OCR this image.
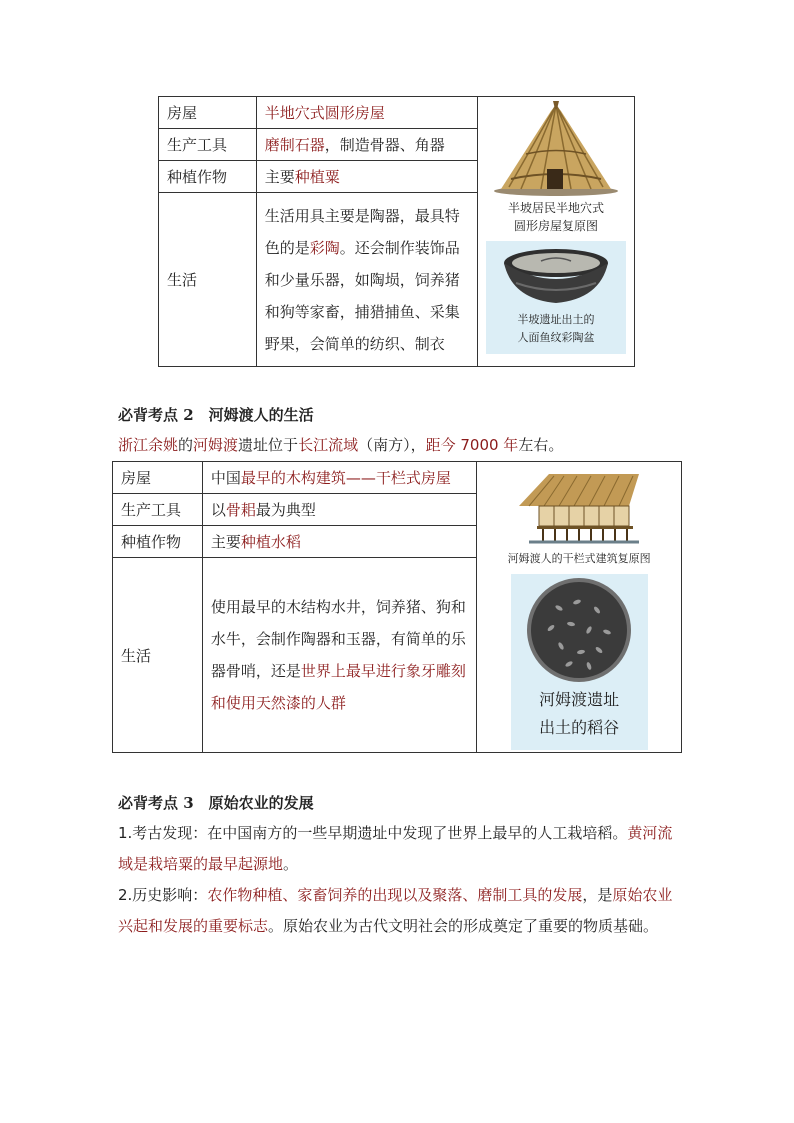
房屋	半地穴式圆形房屋	半坡居民半地穴式
圆形房屋复原图
半坡遗址出土的
人面鱼纹彩陶盆

生产工具	磨制石器，制造骨器、角器	
种植作物	主要种植粟	
生活	生活用具主要是陶器，最具特色的是彩陶。还会制作装饰品和少量乐器，如陶埙，饲养猪和狗等家畜，捕猎捕鱼、采集野果，会简单的纺织、制衣	
必背考点 2　河姆渡人的生活
浙江余姚的河姆渡遗址位于长江流域（南方），距今 7000 年左右。
房屋	中国最早的木构建筑——干栏式房屋	河姆渡人的干栏式建筑复原图
河姆渡遗址
出土的稻谷

生产工具	以骨耜最为典型	
种植作物	主要种植水稻	
生活	使用最早的木结构水井，饲养猪、狗和水牛，会制作陶器和玉器，有简单的乐器骨哨，还是世界上最早进行象牙雕刻和使用天然漆的人群	
必背考点 3　原始农业的发展
1.考古发现：在中国南方的一些早期遗址中发现了世界上最早的人工栽培稻。黄河流域是栽培粟的最早起源地。
2.历史影响：农作物种植、家畜饲养的出现以及聚落、磨制工具的发展，是原始农业兴起和发展的重要标志。原始农业为古代文明社会的形成奠定了重要的物质基础。
